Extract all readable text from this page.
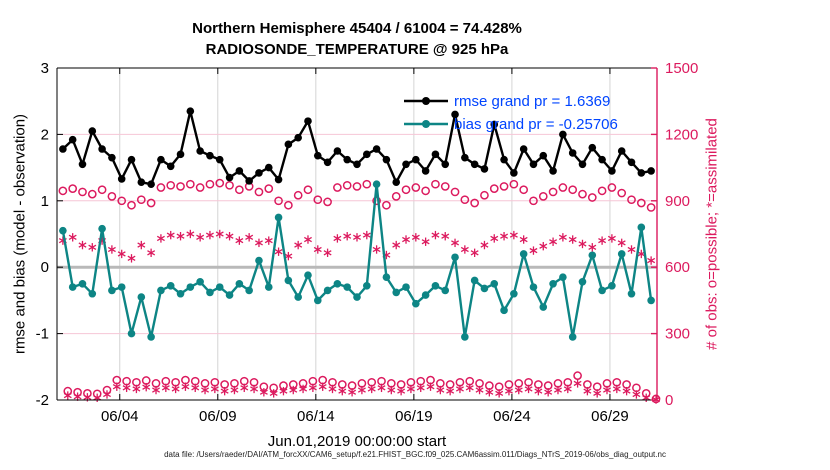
Northern Hemisphere 45404 / 61004 = 74.428%
RADIOSONDE_TEMPERATURE @ 925 hPa
06/04	06/09	06/14	06/19	06/24	06/29
3
2
1
0
-1
-2
1500
1200
900
600
300
0
rmse and bias (model - observation)	# of obs: o=possible; *=assimilated
Jun.01,2019 00:00:00 start
rmse grand pr = 1.6369
bias grand pr = -0.25706
data file: /Users/raeder/DAI/ATM_forcXX/CAM6_setup/f.e21.FHIST_BGC.f09_025.CAM6assim.011/Diags_NTrS_2019-06/obs_diag_output.nc
